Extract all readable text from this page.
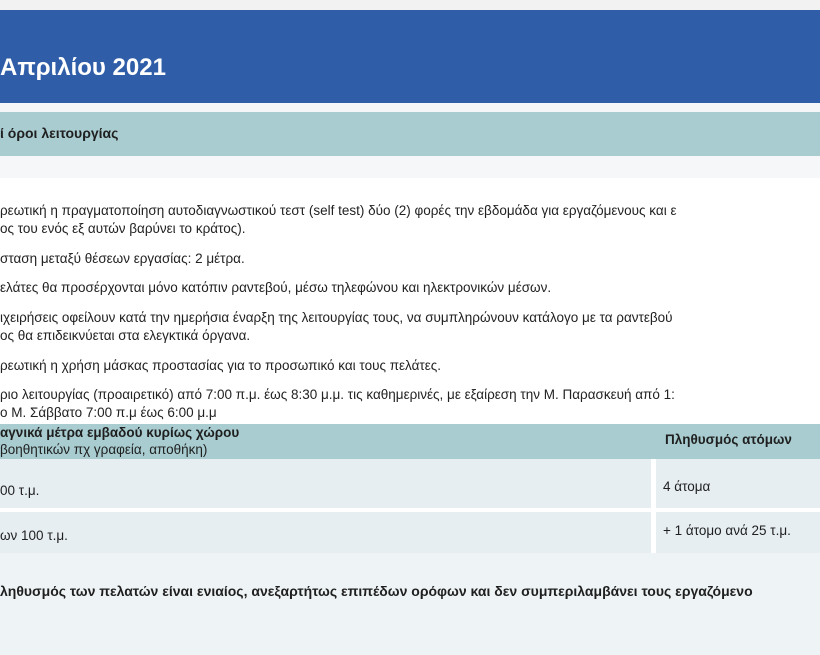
Απριλίου 2021
ί όροι λειτουργίας
ρεωτική η πραγματοποίηση αυτοδιαγνωστικού τεστ (self test) δύο (2) φορές την εβδομάδα για εργαζόμενους και ε
ος του ενός εξ αυτών βαρύνει το κράτος).
σταση μεταξύ θέσεων εργασίας: 2 μέτρα.
ελάτες θα προσέρχονται μόνο κατόπιν ραντεβού, μέσω τηλεφώνου και ηλεκτρονικών μέσων.
ιχειρήσεις οφείλουν κατά την ημερήσια έναρξη της λειτουργίας τους, να συμπληρώνουν κατάλογο με τα ραντεβού
ος θα επιδεικνύεται στα ελεγκτικά όργανα.
ρεωτική η χρήση μάσκας προστασίας για το προσωπικό και τους πελάτες.
ριο λειτουργίας (προαιρετικό) από 7:00 π.μ. έως 8:30 μ.μ. τις καθημερινές, με εξαίρεση την Μ. Παρασκευή από 1:
ο Μ. Σάββατο 7:00 π.μ έως 6:00 μ.μ
αγνικά μέτρα εμβαδού κυρίως χώρου
βοηθητικών πχ γραφεία, αποθήκη)
Πληθυσμός ατόμων
00 τ.μ.	4 άτομα
ων 100 τ.μ.	+ 1 άτομο ανά 25 τ.μ.
ληθυσμός των πελατών είναι ενιαίος, ανεξαρτήτως επιπέδων ορόφων και δεν συμπεριλαμβάνει τους εργαζόμενο
